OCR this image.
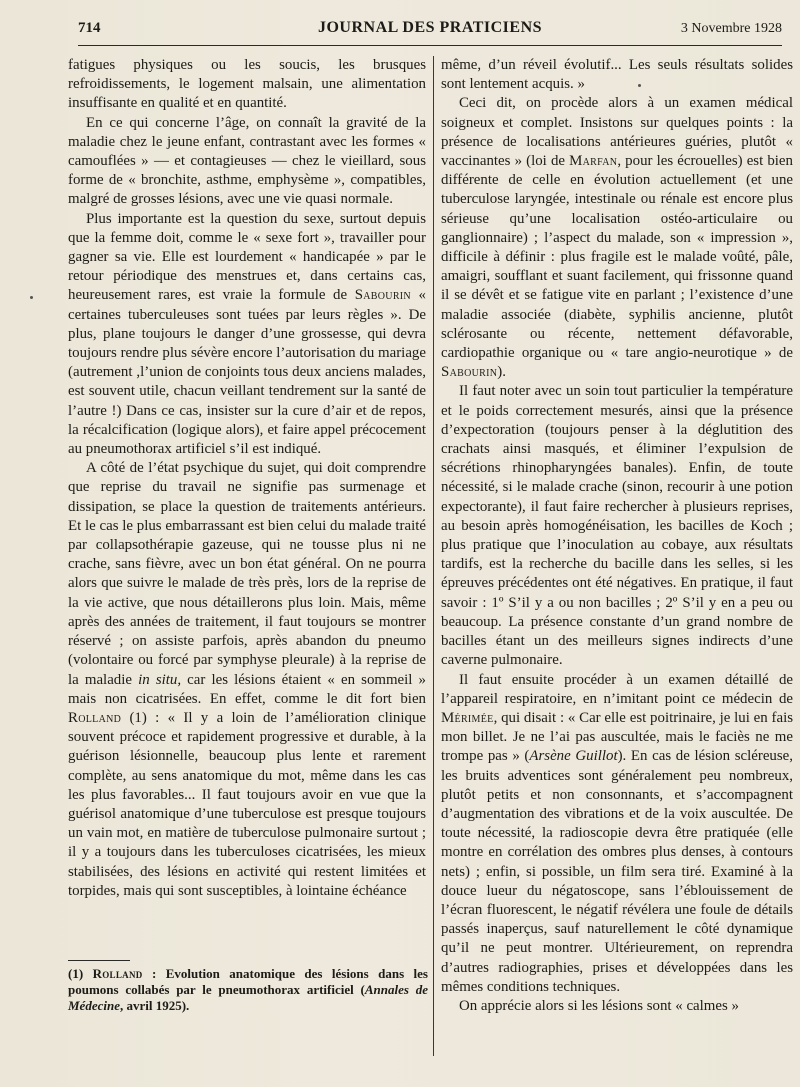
714	JOURNAL DES PRATICIENS	3 Novembre 1928

fatigues physiques ou les soucis, les brusques refroidissements, le logement malsain, une alimentation insuffisante en qualité et en quantité.

En ce qui concerne l’âge, on connaît la gravité de la maladie chez le jeune enfant, contrastant avec les formes « camouflées » — et contagieuses — chez le vieillard, sous forme de « bronchite, asthme, emphysème », compatibles, malgré de grosses lésions, avec une vie quasi normale.

Plus importante est la question du sexe, surtout depuis que la femme doit, comme le « sexe fort », travailler pour gagner sa vie. Elle est lourdement « handicapée » par le retour périodique des menstrues et, dans certains cas, heureusement rares, est vraie la formule de Sabourin « certaines tuberculeuses sont tuées par leurs règles ». De plus, plane toujours le danger d’une grossesse, qui devra toujours rendre plus sévère encore l’autorisation du mariage (autrement ,l’union de conjoints tous deux anciens malades, est souvent utile, chacun veillant tendrement sur la santé de l’autre !) Dans ce cas, insister sur la cure d’air et de repos, la récalcification (logique alors), et faire appel précocement au pneumothorax artificiel s’il est indiqué.

A côté de l’état psychique du sujet, qui doit comprendre que reprise du travail ne signifie pas surmenage et dissipation, se place la question de traitements antérieurs. Et le cas le plus embarrassant est bien celui du malade traité par collapsothérapie gazeuse, qui ne tousse plus ni ne crache, sans fièvre, avec un bon état général. On ne pourra alors que suivre le malade de très près, lors de la reprise de la vie active, que nous détaillerons plus loin. Mais, même après des années de traitement, il faut toujours se montrer réservé ; on assiste parfois, après abandon du pneumo (volontaire ou forcé par symphyse pleurale) à la reprise de la maladie in situ, car les lésions étaient « en sommeil » mais non cicatrisées. En effet, comme le dit fort bien Rolland (1) : « Il y a loin de l’amélioration clinique souvent précoce et rapidement progressive et durable, à la guérison lésionnelle, beaucoup plus lente et rarement complète, au sens anatomique du mot, même dans les cas les plus favorables... Il faut toujours avoir en vue que la guérisol anatomique d’une tuberculose est presque toujours un vain mot, en matière de tuberculose pulmonaire surtout ; il y a toujours dans les tuberculoses cicatrisées, les mieux stabilisées, des lésions en activité qui restent limitées et torpides, mais qui sont susceptibles, à lointaine échéance

(1) Rolland : Evolution anatomique des lésions dans les poumons collabés par le pneumothorax artificiel (Annales de Médecine, avril 1925).

même, d’un réveil évolutif... Les seuls résultats solides sont lentement acquis. »

Ceci dit, on procède alors à un examen médical soigneux et complet. Insistons sur quelques points : la présence de localisations antérieures guéries, plutôt « vaccinantes » (loi de Marfan, pour les écrouelles) est bien différente de celle en évolution actuellement (et une tuberculose laryngée, intestinale ou rénale est encore plus sérieuse qu’une localisation ostéo-articulaire ou ganglionnaire) ; l’aspect du malade, son « impression », difficile à définir : plus fragile est le malade voûté, pâle, amaigri, soufflant et suant facilement, qui frissonne quand il se dévêt et se fatigue vite en parlant ; l’existence d’une maladie associée (diabète, syphilis ancienne, plutôt sclérosante ou récente, nettement défavorable, cardiopathie organique ou « tare angio-neurotique » de Sabourin).

Il faut noter avec un soin tout particulier la température et le poids correctement mesurés, ainsi que la présence d’expectoration (toujours penser à la déglutition des crachats ainsi masqués, et éliminer l’expulsion de sécrétions rhinopharyngées banales). Enfin, de toute nécessité, si le malade crache (sinon, recourir à une potion expectorante), il faut faire rechercher à plusieurs reprises, au besoin après homogénéisation, les bacilles de Koch ; plus pratique que l’inoculation au cobaye, aux résultats tardifs, est la recherche du bacille dans les selles, si les épreuves précédentes ont été négatives. En pratique, il faut savoir : 1º S’il y a ou non bacilles ; 2º S’il y en a peu ou beaucoup. La présence constante d’un grand nombre de bacilles étant un des meilleurs signes indirects d’une caverne pulmonaire.

Il faut ensuite procéder à un examen détaillé de l’appareil respiratoire, en n’imitant point ce médecin de Mérimée, qui disait : « Car elle est poitrinaire, je lui en fais mon billet. Je ne l’ai pas auscultée, mais le faciès ne me trompe pas » (Arsène Guillot). En cas de lésion scléreuse, les bruits adventices sont généralement peu nombreux, plutôt petits et non consonnants, et s’accompagnent d’augmentation des vibrations et de la voix auscultée. De toute nécessité, la radioscopie devra être pratiquée (elle montre en corrélation des ombres plus denses, à contours nets) ; enfin, si possible, un film sera tiré. Examiné à la douce lueur du négatoscope, sans l’éblouissement de l’écran fluorescent, le négatif révélera une foule de détails passés inaperçus, sauf naturellement le côté dynamique qu’il ne peut montrer. Ultérieurement, on reprendra d’autres radiographies, prises et développées dans les mêmes conditions techniques.

On apprécie alors si les lésions sont « calmes »
